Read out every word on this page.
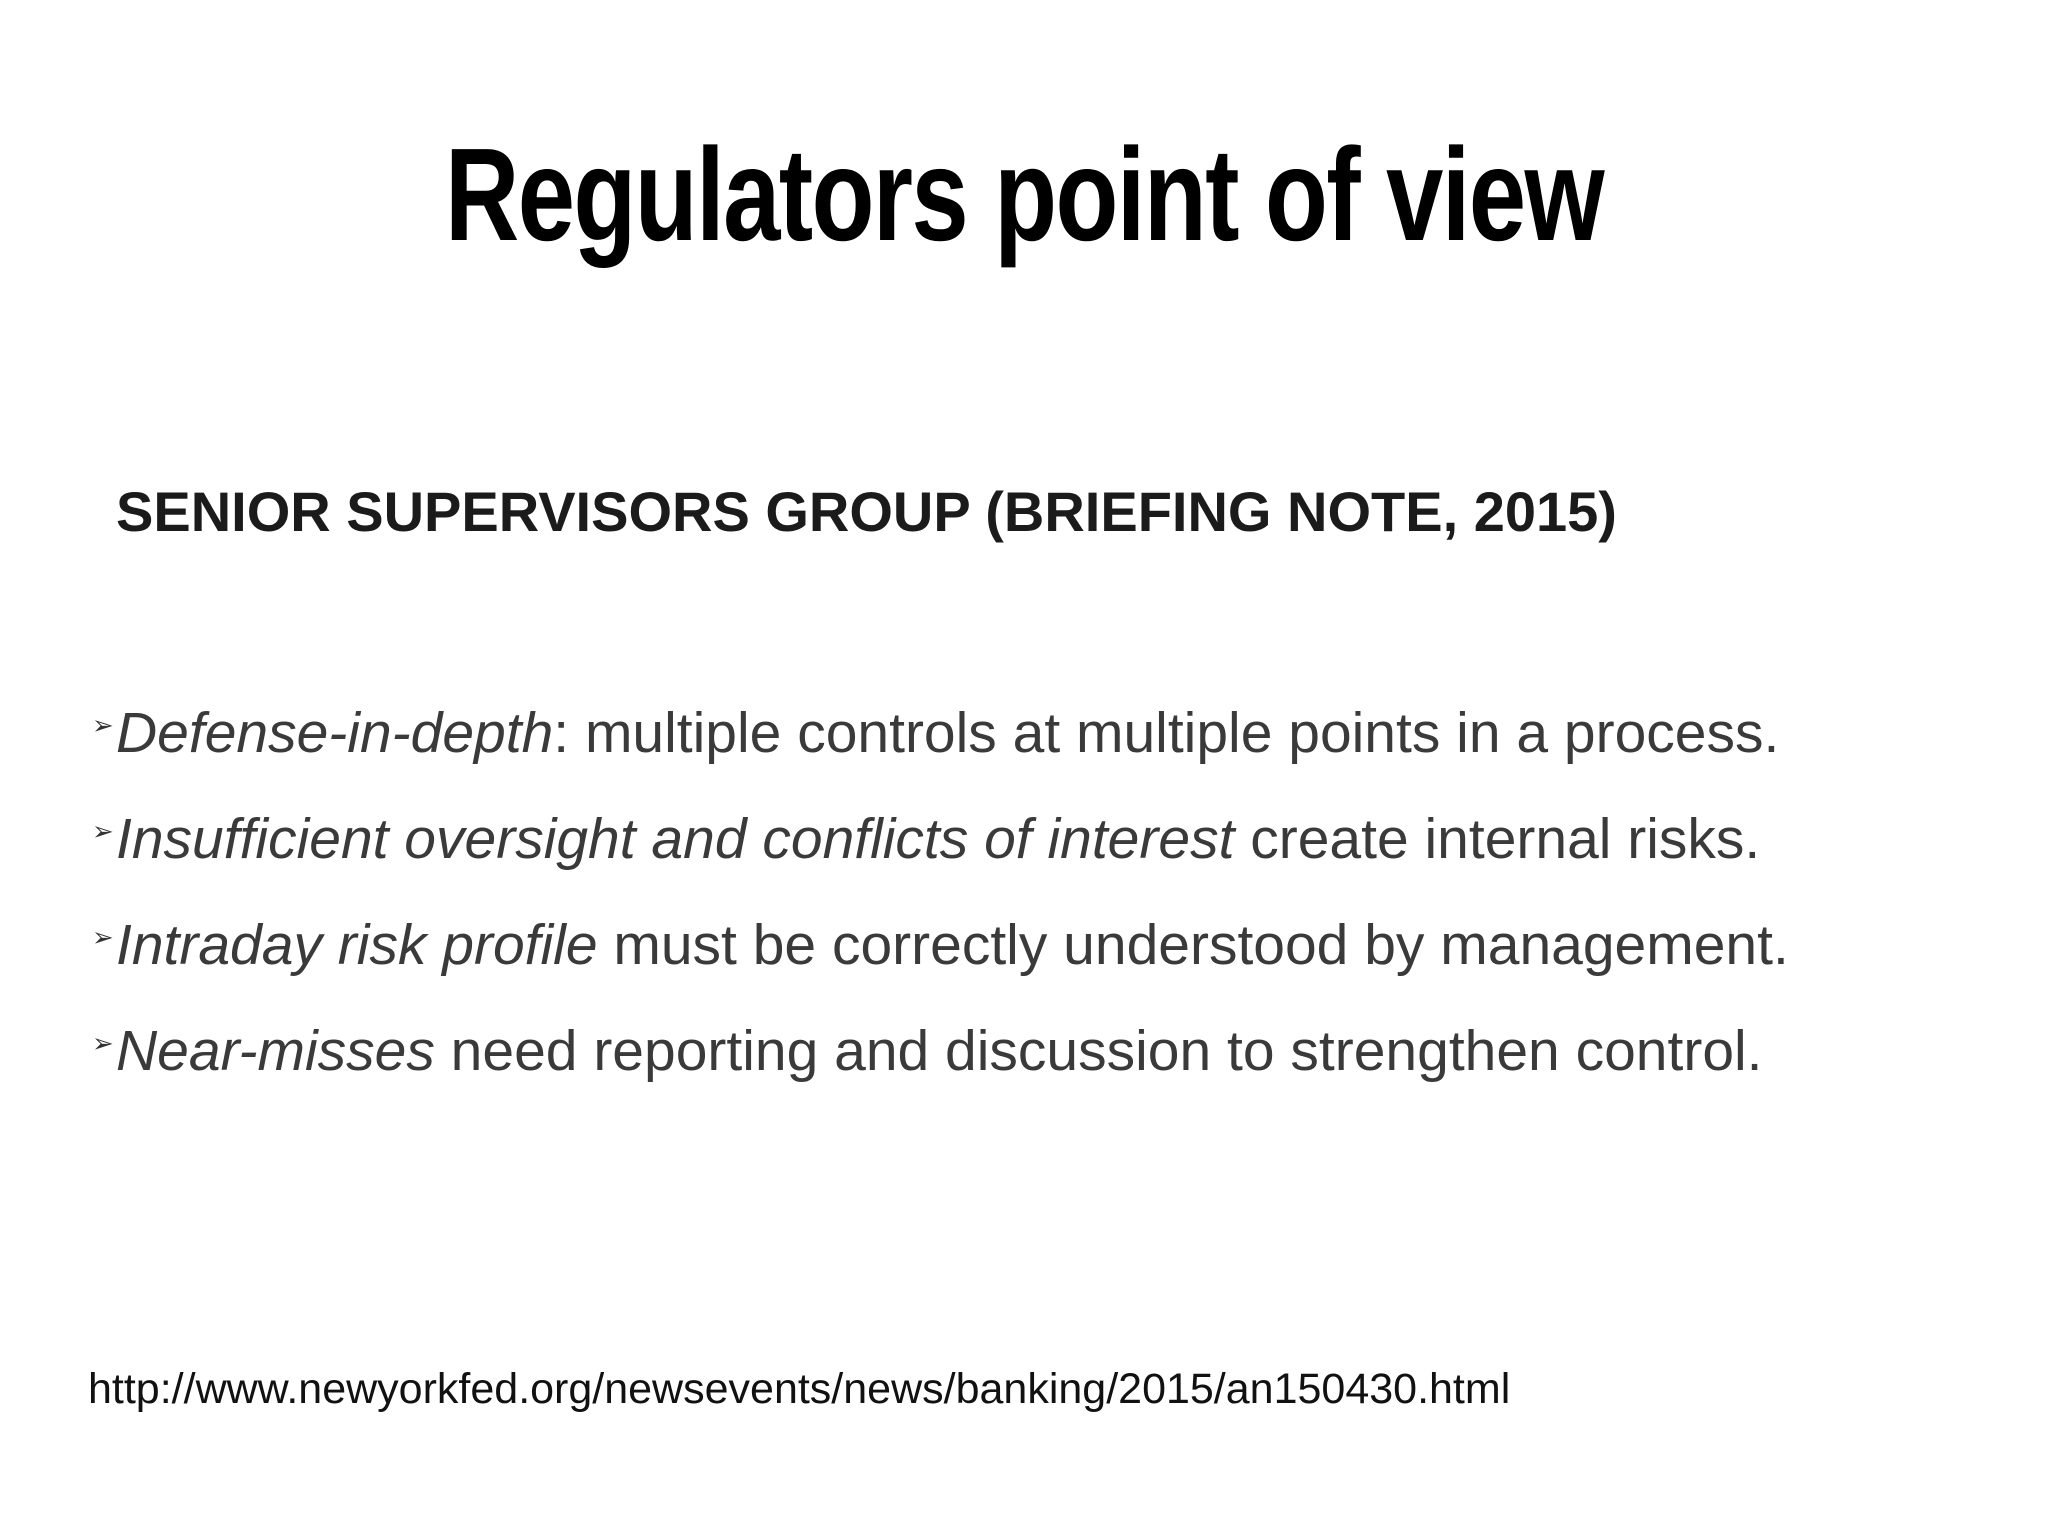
Regulators point of view
SENIOR SUPERVISORS GROUP (BRIEFING NOTE, 2015)
➢ Defense-in-depth: multiple controls at multiple points in a process.
➢ Insufficient oversight and conflicts of interest create internal risks.
➢ Intraday risk profile must be correctly understood by management.
➢ Near-misses need reporting and discussion to strengthen control.
http://www.newyorkfed.org/newsevents/news/banking/2015/an150430.html
